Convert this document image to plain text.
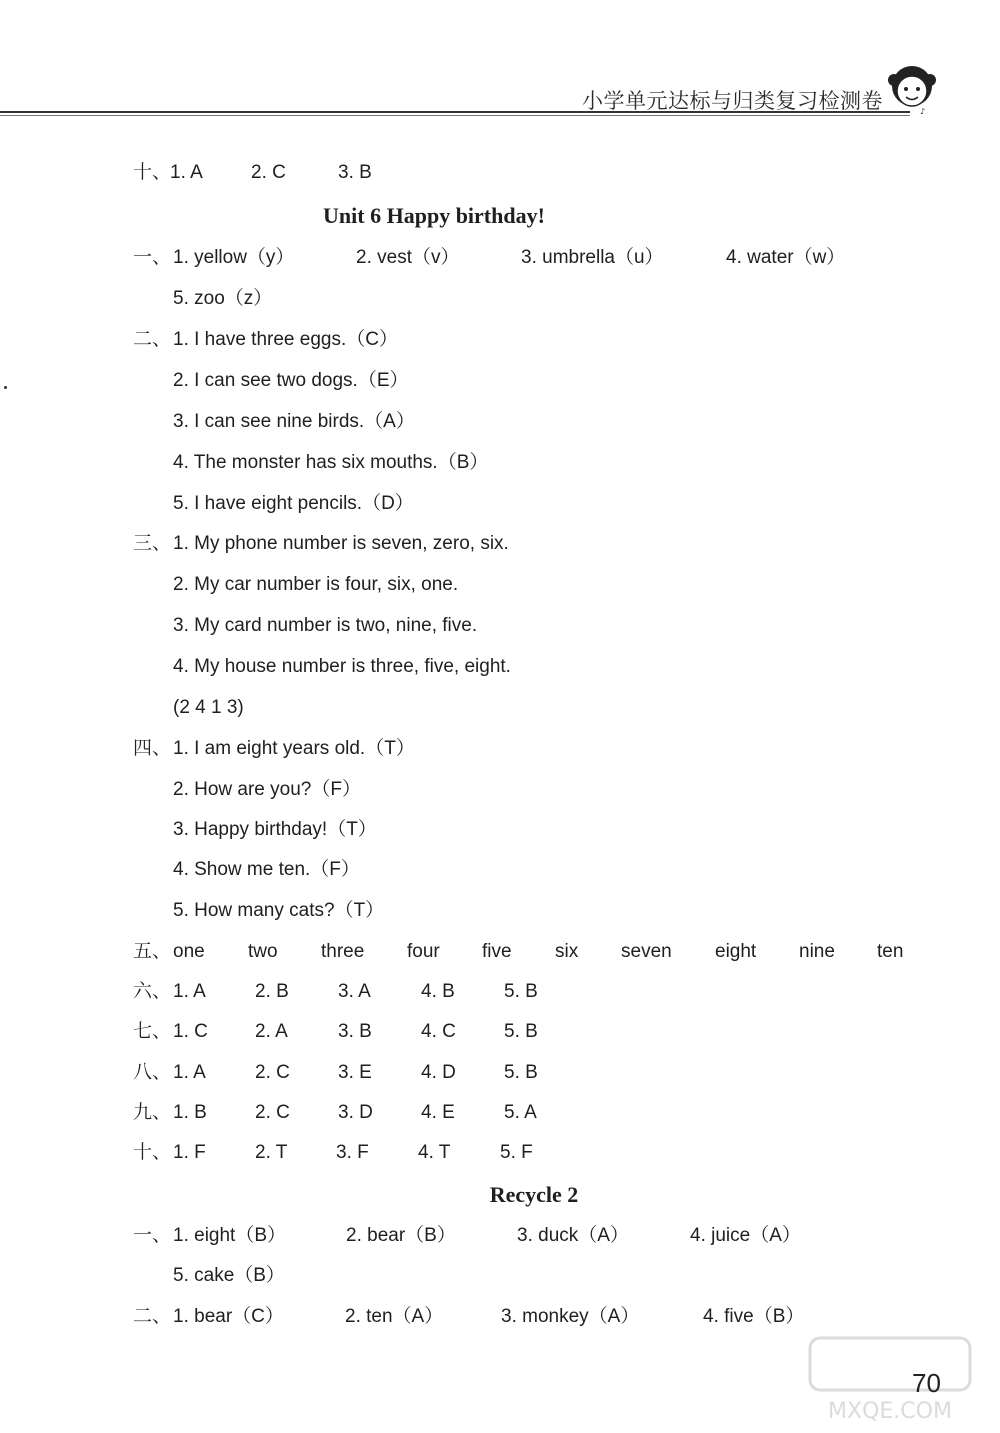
小学单元达标与归类复习检测卷	♪
十、
1. A	2. C	3. B
Unit 6 Happy birthday!
一、 1. yellow（y）	2. vest（v）	3. umbrella（u）	4. water（w）
5. zoo（z）
二、 1. I have three eggs.（C）
2. I can see two dogs.（E）
3. I can see nine birds.（A）
4. The monster has six mouths.（B）
5. I have eight pencils.（D）
三、 1. My phone number is seven, zero, six.
2. My car number is four, six, one.
3. My card number is two, nine, five.
4. My house number is three, five, eight.
(2 4 1 3)
四、 1. I am eight years old.（T）
2. How are you?（F）
3. Happy birthday!（T）
4. Show me ten.（F）
5. How many cats?（T）
五、 one two three four five six seven eight nine ten
六、 1. A	2. B	3. A	4. B	5. B
七、 1. C 2. A	3. B	4. C	5. B
八、 1. A	2. C	3. E	4. D	5. B
九、 1. B	2. C	3. D	4. E	5. A
十、 1. F	2. T	3. F	4. T	5. F
Recycle 2
一、 1. eight（B）	2. bear（B）	3. duck（A）	4. juice（A）
5. cake（B）
二、 1. bear（C）	2. ten（A）	3. monkey（A）	4. five（B）
MXQE.COM
70
